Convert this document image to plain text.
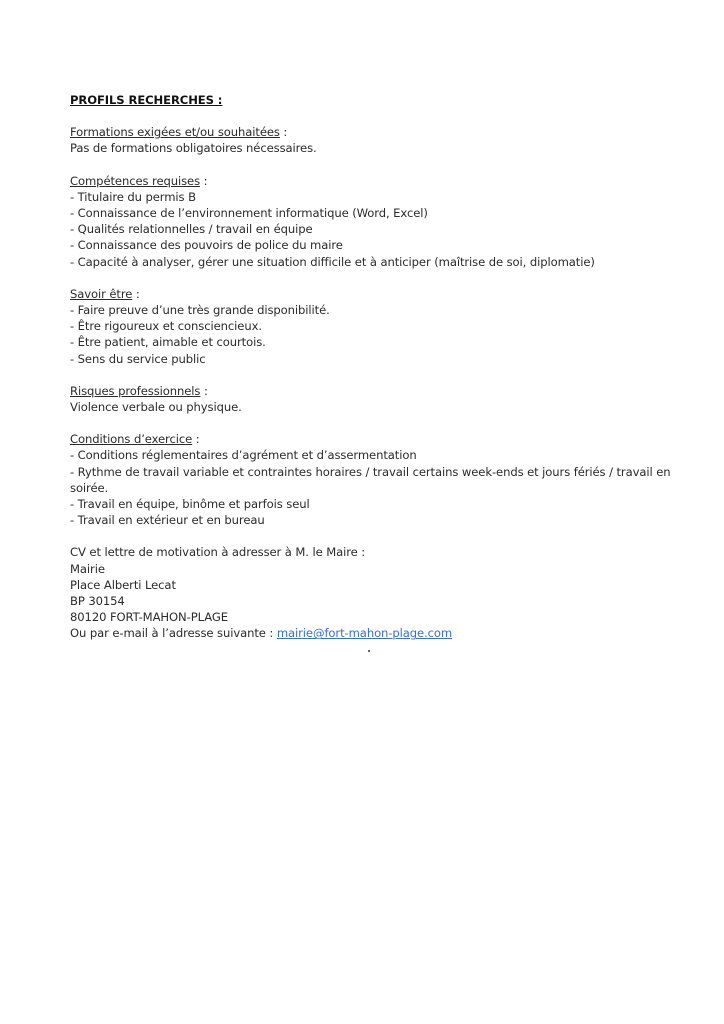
PROFILS RECHERCHES :

Formations exigées et/ou souhaitées :

Pas de formations obligatoires nécessaires.

Compétences requises :

- Titulaire du permis B

- Connaissance de l’environnement informatique (Word, Excel)

- Qualités relationnelles / travail en équipe

- Connaissance des pouvoirs de police du maire

- Capacité à analyser, gérer une situation difficile et à anticiper (maîtrise de soi, diplomatie)

Savoir être :

- Faire preuve d’une très grande disponibilité.

- Être rigoureux et consciencieux.

- Être patient, aimable et courtois.

- Sens du service public

Risques professionnels :

Violence verbale ou physique.

Conditions d’exercice :

- Conditions réglementaires d’agrément et d’assermentation

- Rythme de travail variable et contraintes horaires / travail certains week-ends et jours fériés / travail en soirée.

- Travail en équipe, binôme et parfois seul

- Travail en extérieur et en bureau

CV et lettre de motivation à adresser à M. le Maire :

Mairie

Place Alberti Lecat

BP 30154

80120 FORT-MAHON-PLAGE

Ou par e-mail à l’adresse suivante : mairie@fort-mahon-plage.com
